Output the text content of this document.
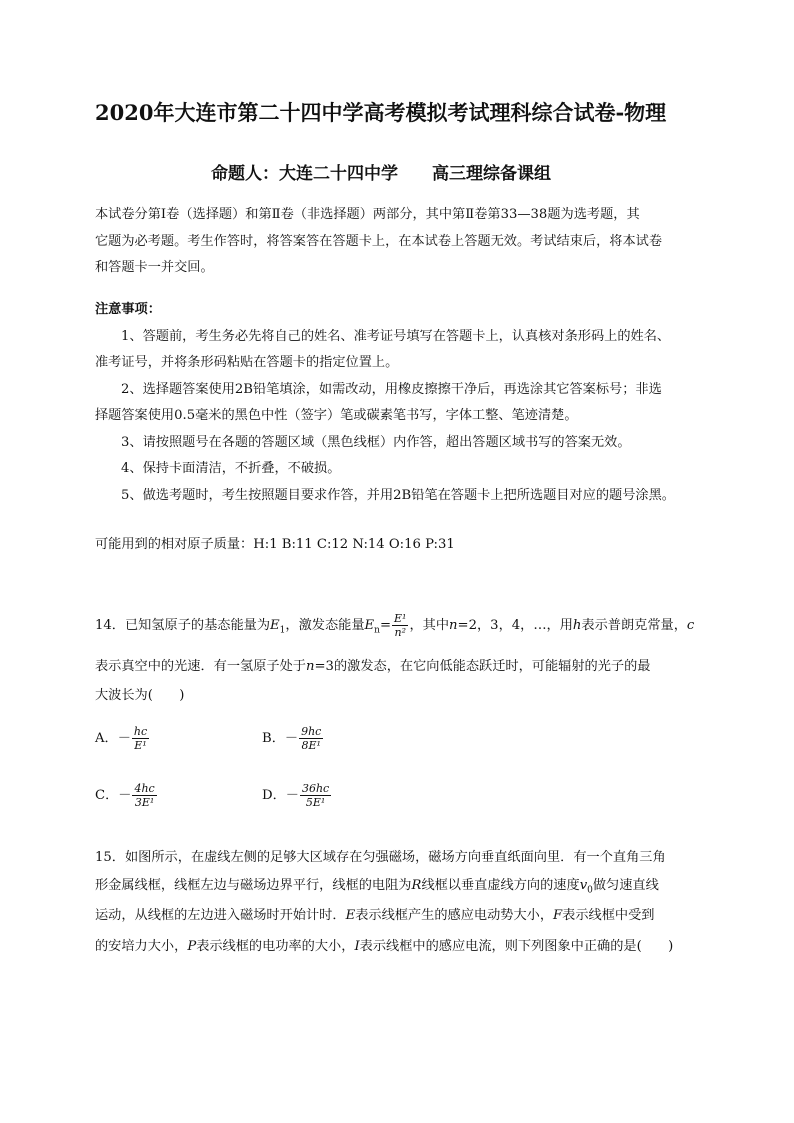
2020年大连市第二十四中学高考模拟考试理科综合试卷-物理
命题人：大连二十四中学 高三理综备课组
本试卷分第Ⅰ卷（选择题）和第Ⅱ卷（非选择题）两部分，其中第Ⅱ卷第33—38题为选考题，其
它题为必考题。考生作答时，将答案答在答题卡上，在本试卷上答题无效。考试结束后，将本试卷
和答题卡一并交回。
注意事项：
1、答题前，考生务必先将自己的姓名、准考证号填写在答题卡上，认真核对条形码上的姓名、
准考证号，并将条形码粘贴在答题卡的指定位置上。
2、选择题答案使用2B铅笔填涂，如需改动，用橡皮擦擦干净后，再选涂其它答案标号；非选
择题答案使用0.5毫米的黑色中性（签字）笔或碳素笔书写，字体工整、笔迹清楚。
3、请按照题号在各题的答题区域（黑色线框）内作答，超出答题区域书写的答案无效。
4、保持卡面清洁，不折叠，不破损。
5、做选考题时，考生按照题目要求作答，并用2B铅笔在答题卡上把所选题目对应的题号涂黑。
可能用到的相对原子质量：H:1 B:11 C:12 N:14 O:16 P:31
14．已知氢原子的基态能量为$E_1$，激发态能量$E_n= \frac{\text{E¹}}{\text{n²}}$ ，其中n=2，3，4，…，用h表示普朗克常量，c
表示真空中的光速．有一氢原子处于n=3的激发态，在它向低能态跃迁时，可能辐射的光子的最
大波长为(　　)
A．－ $\frac{hc}{\text{E¹}}$	B．－ $\frac{9hc}{\text{8E¹}}$
C．－ $\frac{4hc}{\text{3E¹}}$	D．－ $\frac{36hc}{\text{5E¹}}$
15．如图所示，在虚线左侧的足够大区域存在匀强磁场，磁场方向垂直纸面向里．有一个直角三角
形金属线框，线框左边与磁场边界平行，线框的电阻为R线框以垂直虚线方向的速度$v_0$做匀速直线
运动，从线框的左边进入磁场时开始计时．E表示线框产生的感应电动势大小，F表示线框中受到
的安培力大小，P表示线框的电功率的大小，I表示线框中的感应电流，则下列图象中正确的是(　　)
